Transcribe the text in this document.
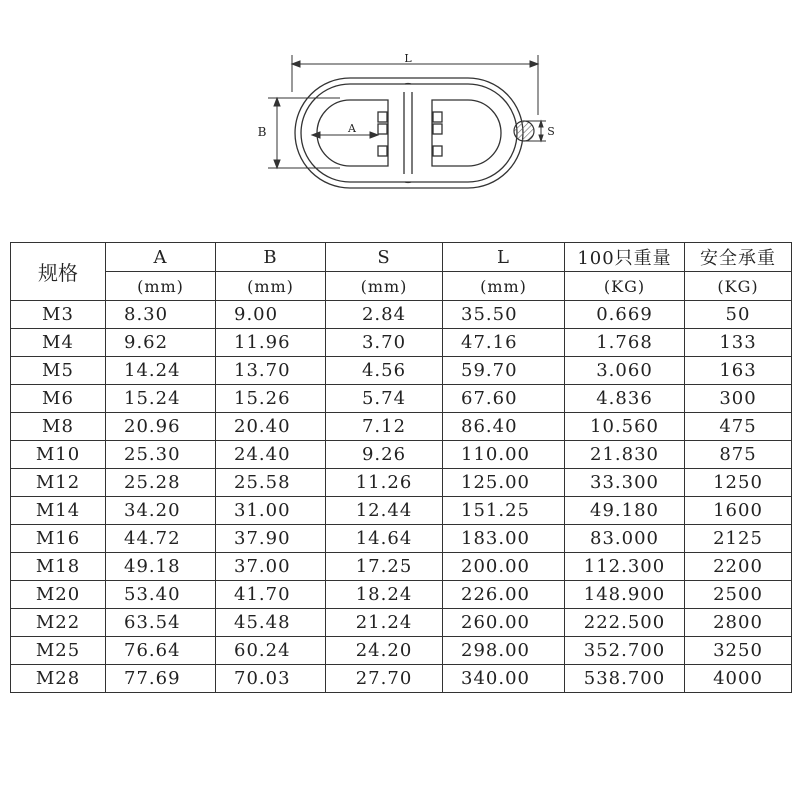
L
B	A	S
规格	A	B	S	L	100只重量	安全承重
	(mm)	(mm)	(mm)	(mm)	(KG)	(KG)
M3	8.30	9.00	2.84	35.50	0.669	50
M4	9.62	11.96	3.70	47.16	1.768	133
M5	14.24	13.70	4.56	59.70	3.060	163
M6	15.24	15.26	5.74	67.60	4.836	300
M8	20.96	20.40	7.12	86.40	10.560	475
M10	25.30	24.40	9.26	110.00	21.830	875
M12	25.28	25.58	11.26	125.00	33.300	1250
M14	34.20	31.00	12.44	151.25	49.180	1600
M16	44.72	37.90	14.64	183.00	83.000	2125
M18	49.18	37.00	17.25	200.00	112.300	2200
M20	53.40	41.70	18.24	226.00	148.900	2500
M22	63.54	45.48	21.24	260.00	222.500	2800
M25	76.64	60.24	24.20	298.00	352.700	3250
M28	77.69	70.03	27.70	340.00	538.700	4000
